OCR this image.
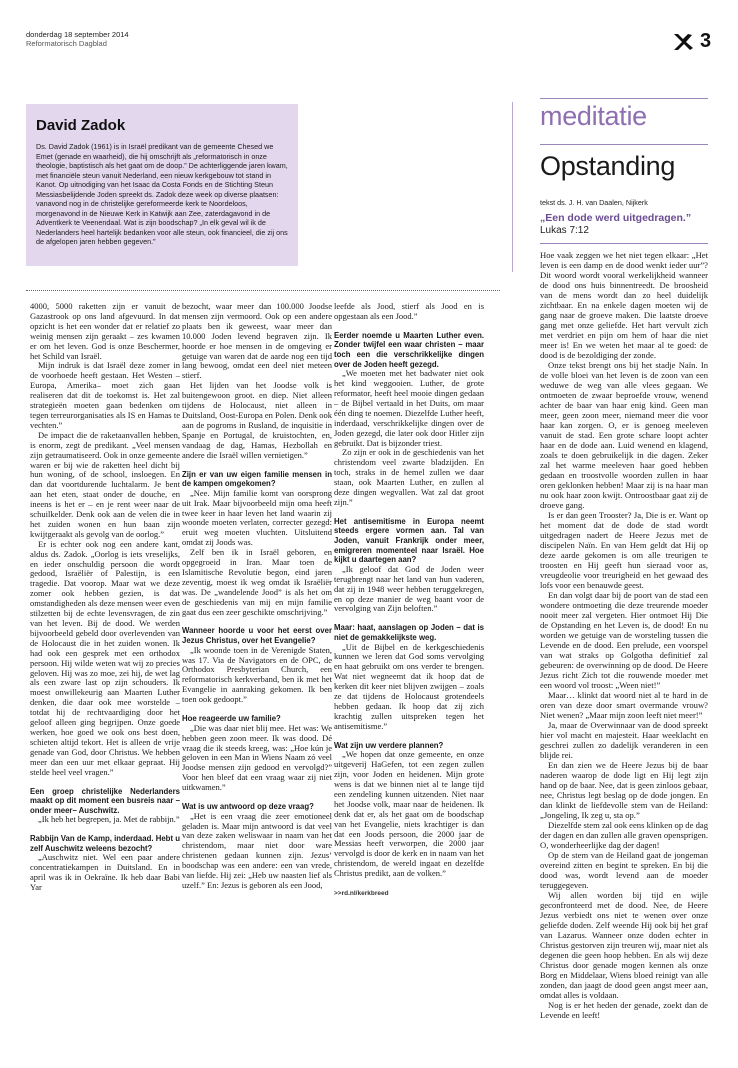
donderdag 18 september 2014
Reformatorisch Dagblad	3
David Zadok
Ds. David Zadok (1961) is in Israël predikant van de gemeente Chesed we Emet (genade en waarheid), die hij omschrijft als „reformatorisch in onze theologie, baptistisch als het gaat om de doop.” De achterliggende jaren kwam, met financiële steun vanuit Nederland, een nieuw kerkgebouw tot stand in Kanot. Op uitnodiging van het Isaac da Costa Fonds en de Stichting Steun Messiasbelijdende Joden spreekt ds. Zadok deze week op diverse plaatsen: vanavond nog in de christelijke gereformeerde kerk te Noordeloos, morgenavond in de Nieuwe Kerk in Katwijk aan Zee, zaterdagavond in de Adventkerk te Veenendaal. Wat is zijn boodschap? „In elk geval wil ik de Nederlanders heel hartelijk bedanken voor alle steun, ook financieel, die zij ons de afgelopen jaren hebben gegeven.”

4000, 5000 raketten zijn er vanuit de Gazastrook op ons land afgevuurd. In dat opzicht is het een wonder dat er relatief zo weinig mensen zijn geraakt – zes kwamen er om het leven. God is onze Beschermer, het Schild van Israël.

Mijn indruk is dat Israël deze zomer in de voorhoede heeft gestaan. Het Westen –Europa, Amerika– moet zich gaan realiseren dat dit de toekomst is. Het zal strategieën moeten gaan bedenken om tegen terreurorganisaties als IS en Hamas te vechten.”

De impact die de raketaanvallen hebben, is enorm, zegt de predikant. „Veel mensen zijn getraumatiseerd. Ook in onze gemeente waren er bij wie de raketten heel dicht bij hun woning, of de school, insloegen. En dan dat voortdurende luchtalarm. Je bent aan het eten, staat onder de douche, en ineens is het er – en je rent weer naar de schuilkelder. Denk ook aan de velen die in het zuiden wonen en hun baan zijn kwijtgeraakt als gevolg van de oorlog.”

Er is echter ook nog een andere kant, aldus ds. Zadok. „Oorlog is iets vreselijks, en ieder onschuldig persoon die wordt gedood, Israëliër of Palestijn, is een tragedie. Dat voorop. Maar wat we deze zomer ook hebben gezien, is dat omstandigheden als deze mensen weer even stilzetten bij de echte levensvragen, de zin van het leven. Bij de dood. We werden bijvoorbeeld gebeld door overlevenden van de Holocaust die in het zuiden wonen. Ik had ook een gesprek met een orthodox persoon. Hij wilde weten wat wij zo precies geloven. Hij was zo moe, zei hij, de wet lag als een zware last op zijn schouders. Ik moest onwillekeurig aan Maarten Luther denken, die daar ook mee worstelde – totdat hij de rechtvaardiging door het geloof alleen ging begrijpen. Onze goede werken, hoe goed we ook ons best doen, schieten altijd tekort. Het is alleen de vrije genade van God, door Christus. We hebben meer dan een uur met elkaar gepraat. Hij stelde heel veel vragen.”

Een groep christelijke Nederlanders maakt op dit moment een busreis naar –onder meer– Auschwitz.

„Ik heb het begrepen, ja. Met de rabbijn.”

Rabbijn Van de Kamp, inderdaad. Hebt u zelf Auschwitz weleens bezocht?

„Auschwitz niet. Wel een paar andere concentratiekampen in Duitsland. En in april was ik in Oekraïne. Ik heb daar Babi Yar

bezocht, waar meer dan 100.000 Joodse mensen zijn vermoord. Ook op een andere plaats ben ik geweest, waar meer dan 10.000 Joden levend begraven zijn. Ik hoorde er hoe mensen in de omgeving er getuige van waren dat de aarde nog een tijd lang bewoog, omdat een deel niet meteen stierf.

Het lijden van het Joodse volk is buitengewoon groot. en diep. Niet alleen tijdens de Holocaust, niet alleen in Duitsland, Oost-Europa en Polen. Denk ook aan de pogroms in Rusland, de inquisitie in Spanje en Portugal, de kruistochten, en, vandaag de dag, Hamas, Hezbollah en andere die Israël willen vernietigen.”

Zijn er van uw eigen familie mensen in de kampen omgekomen?

„Nee. Mijn familie komt van oorsprong uit Irak. Maar bijvoorbeeld mijn oma heeft twee keer in haar leven het land waarin zij woonde moeten verlaten, correcter gezegd: eruit weg moeten vluchten. Uitsluitend omdat zij Joods was.

Zelf ben ik in Israël geboren, en opgegroeid in Iran. Maar toen de Islamitische Revolutie begon, eind jaren zeventig, moest ik weg omdat ik Israëliër was. De „wandelende Jood” is als het om de geschiedenis van mij en mijn familie gaat dus een zeer geschikte omschrijving.”

Wanneer hoorde u voor het eerst over Jezus Christus, over het Evangelie?

„Ik woonde toen in de Verenigde Staten, was 17. Via de Navigators en de OPC, de Orthodox Presbyterian Church, een reformatorisch kerkverband, ben ik met het Evangelie in aanraking gekomen. Ik ben toen ook gedoopt.”

Hoe reageerde uw familie?

„Die was daar niet blij mee. Het was: We hebben geen zoon meer. Ik was dood. Dé vraag die ik steeds kreeg, was: „Hoe kún je geloven in een Man in Wiens Naam zó veel Joodse mensen zijn gedood en vervolgd?” Voor hen bleef dat een vraag waar zij niet uitkwamen.”

Wat is uw antwoord op deze vraag?

„Het is een vraag die zeer emotioneel geladen is. Maar mijn antwoord is dat veel van deze zaken weliswaar in naam van het christendom, maar niet door ware christenen gedaan kunnen zijn. Jezus’ boodschap was een andere: een van vrede, van liefde. Hij zei: „Heb uw naasten lief als uzelf.” En: Jezus is geboren als een Jood,

leefde als Jood, stierf als Jood en is opgestaan als een Jood.”

Eerder noemde u Maarten Luther even. Zonder twijfel een waar christen – maar toch een die verschrikkelijke dingen over de Joden heeft gezegd.

„We moeten met het badwater niet ook het kind weggooien. Luther, de grote reformator, heeft heel mooie dingen gedaan – de Bijbel vertaald in het Duits, om maar één ding te noemen. Diezelfde Luther heeft, inderdaad, verschrikkelijke dingen over de Joden gezegd, die later ook door Hitler zijn gebruikt. Dat is bijzonder triest.

Zo zijn er ook in de geschiedenis van het christendom veel zwarte bladzijden. En toch, straks in de hemel zullen we daar staan, ook Maarten Luther, en zullen al deze dingen wegvallen. Wat zal dat groot zijn.”

Het antisemitisme in Europa neemt steeds ergere vormen aan. Tal van Joden, vanuit Frankrijk onder meer, emigreren momenteel naar Israël. Hoe kijkt u daartegen aan?

„Ik geloof dat God de Joden weer terugbrengt naar het land van hun vaderen, dat zij in 1948 weer hebben teruggekregen, en op deze manier de weg baant voor de vervolging van Zijn beloften.”

Maar: haat, aanslagen op Joden – dat is niet de gemakkelijkste weg.

„Uit de Bijbel en de kerkgeschiedenis kunnen we leren dat God soms vervolging en haat gebruikt om ons verder te brengen. Wat niet wegneemt dat ik hoop dat de kerken dit keer niet blijven zwijgen – zoals ze dat tijdens de Holocaust grotendeels hebben gedaan. Ik hoop dat zij zich krachtig zullen uitspreken tegen het antisemitisme.”

Wat zijn uw verdere plannen?

„We hopen dat onze gemeente, en onze uitgeverij HaGefen, tot een zegen zullen zijn, voor Joden en heidenen. Mijn grote wens is dat we binnen niet al te lange tijd een zendeling kunnen uitzenden. Niet naar het Joodse volk, maar naar de heidenen. Ik denk dat er, als het gaat om de boodschap van het Evangelie, niets krachtiger is dan dat een Joods persoon, die 2000 jaar de Messias heeft verworpen, die 2000 jaar vervolgd is door de kerk en in naam van het christendom, de wereld ingaat en dezelfde Christus predikt, aan de volken.”

>>rd.nl/kerkbreed
meditatie
Opstanding
tekst ds. J. H. van Daalen, Nijkerk
„Een dode werd uitgedragen.”
Lukas 7:12

Hoe vaak zeggen we het niet tegen elkaar: „Het leven is een damp en de dood wenkt ieder uur”? Dit woord wordt vooral werkelijkheid wanneer de dood ons huis binnentreedt. De broosheid van de mens wordt dan zo heel duidelijk zichtbaar. En na enkele dagen moeten wij de gang naar de groeve maken. Die laatste droeve gang met onze geliefde. Het hart vervult zich met verdriet en pijn om hem of haar die niet meer is! En we weten het maar al te goed: de dood is de bezoldiging der zonde.

Onze tekst brengt ons bij het stadje Naïn. In de volle bloei van het leven is de zoon van een weduwe de weg van alle vlees gegaan. We ontmoeten de zwaar beproefde vrouw, wenend achter de baar van haar enig kind. Geen man meer, geen zoon meer, niemand meer die voor haar kan zorgen. O, er is genoeg meeleven vanuit de stad. Een grote schare loopt achter haar en de dode aan. Luid wenend en klagend, zoals te doen gebruikelijk in die dagen. Zeker zal het warme meeleven haar goed hebben gedaan en troostvolle woorden zullen in haar oren geklonken hebben! Maar zij is na haar man nu ook haar zoon kwijt. Ontroostbaar gaat zij de droeve gang.

Is er dan geen Trooster? Ja, Die is er. Want op het moment dat de dode de stad wordt uitgedragen nadert de Heere Jezus met de discipelen Naïn. En van Hem geldt dat Hij op deze aarde gekomen is om alle treurigen te troosten en Hij geeft hun sieraad voor as, vreugdeolie voor treurigheid en het gewaad des lofs voor een benauwde geest.

En dan volgt daar bij de poort van de stad een wondere ontmoeting die deze treurende moeder nooit meer zal vergeten. Hier ontmoet Hij Die de Opstanding en het Leven is, de dood! En nu worden we getuige van de worsteling tussen die Levende en de dood. Een prelude, een voorspel van wat straks op Golgotha definitief zal gebeuren: de overwinning op de dood. De Heere Jezus richt Zich tot die rouwende moeder met een woord vol troost: „Ween niet!”

Maar… klinkt dat woord niet al te hard in de oren van deze door smart overmande vrouw? Niet wenen? „Maar mijn zoon leeft niet meer!”

Ja, maar de Overwinnaar van de dood spreekt hier vol macht en majesteit. Haar weeklacht en geschrei zullen zo dadelijk veranderen in een blijde rei.

En dan zien we de Heere Jezus bij de baar naderen waarop de dode ligt en Hij legt zijn hand op de baar. Nee, dat is geen zinloos gebaar, nee, Christus legt beslag op de dode jongen. En dan klinkt de liefdevolle stem van de Heiland: „Jongeling, Ik zeg u, sta op.”

Diezelfde stem zal ook eens klinken op de dag der dagen en dan zullen alle graven opensprigen. O, wonderheerlijke dag der dagen!

Op de stem van de Heiland gaat de jongeman overeind zitten en begint te spreken. En bij die dood was, wordt levend aan de moeder teruggegeven.

Wij allen worden bij tijd en wijle geconfronteerd met de dood. Nee, de Heere Jezus verbiedt ons niet te wenen over onze geliefde doden. Zelf weende Hij ook bij het graf van Lazarus. Wanneer onze doden echter in Christus gestorven zijn treuren wij, maar niet als degenen die geen hoop hebben. En als wij deze Christus door genade mogen kennen als onze Borg en Middelaar, Wiens bloed reinigt van alle zonden, dan jaagt de dood geen angst meer aan, omdat alles is voldaan.

Nog is er het heden der genade, zoekt dan de Levende en leeft!
